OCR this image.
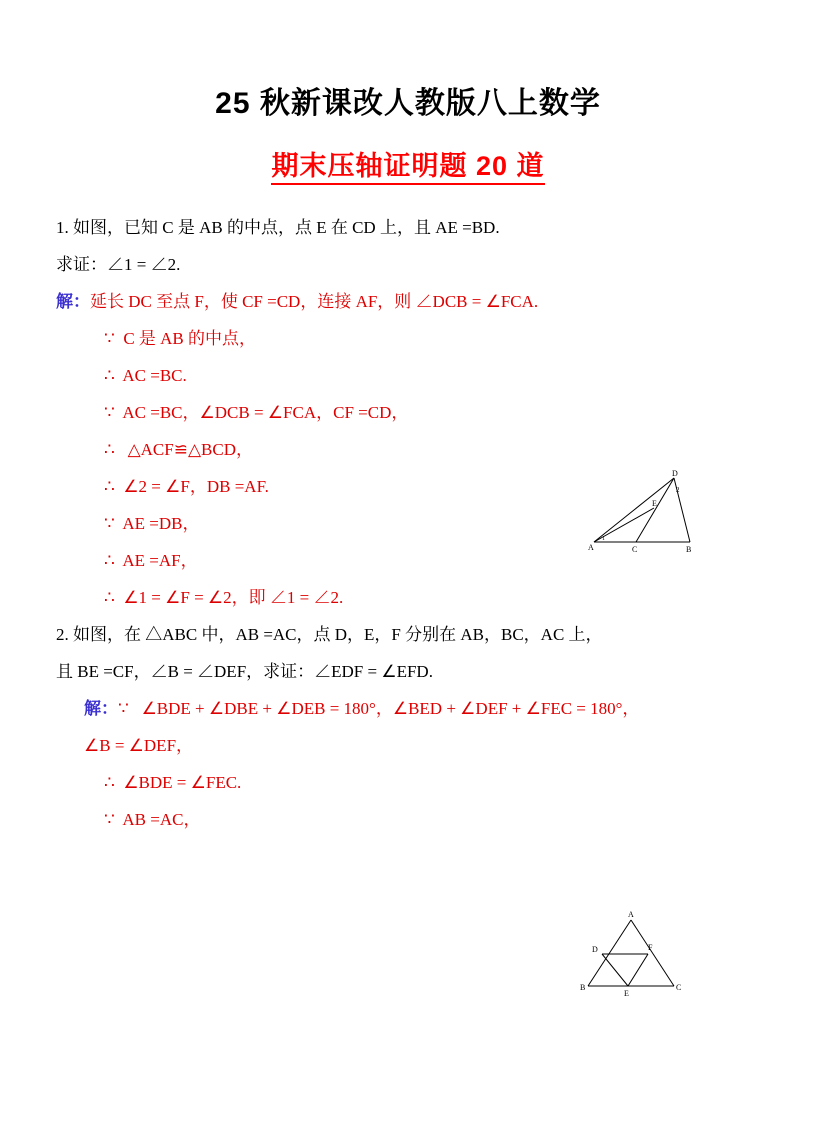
25 秋新课改人教版八上数学
期末压轴证明题 20 道
1. 如图，已知 C 是 AB 的中点，点 E 在 CD 上，且 AE =BD.
求证：∠1 = ∠2.
解：延长 DC 至点 F，使 CF =CD，连接 AF，则 ∠DCB = ∠FCA.
∵  C 是 AB 的中点，
∴  AC =BC.
∵  AC =BC，∠DCB = ∠FCA，CF =CD，
∴   △ACF≌△BCD，
∴  ∠2 = ∠F，DB =AF.
∵  AE =DB，
∴  AE =AF，
∴  ∠1 = ∠F = ∠2，即 ∠1 = ∠2.
2. 如图，在 △ABC 中，AB =AC，点 D，E，F 分别在 AB，BC，AC 上，
且 BE =CF，∠B = ∠DEF，求证：∠EDF = ∠EFD.
解：∵   ∠BDE + ∠DBE + ∠DEB = 180°，∠BED + ∠DEF + ∠FEC = 180°，
∠B = ∠DEF，
∴  ∠BDE = ∠FEC.
∵  AB =AC，
D
2
E
1
A	C	B
A
D	F
B
E
C
